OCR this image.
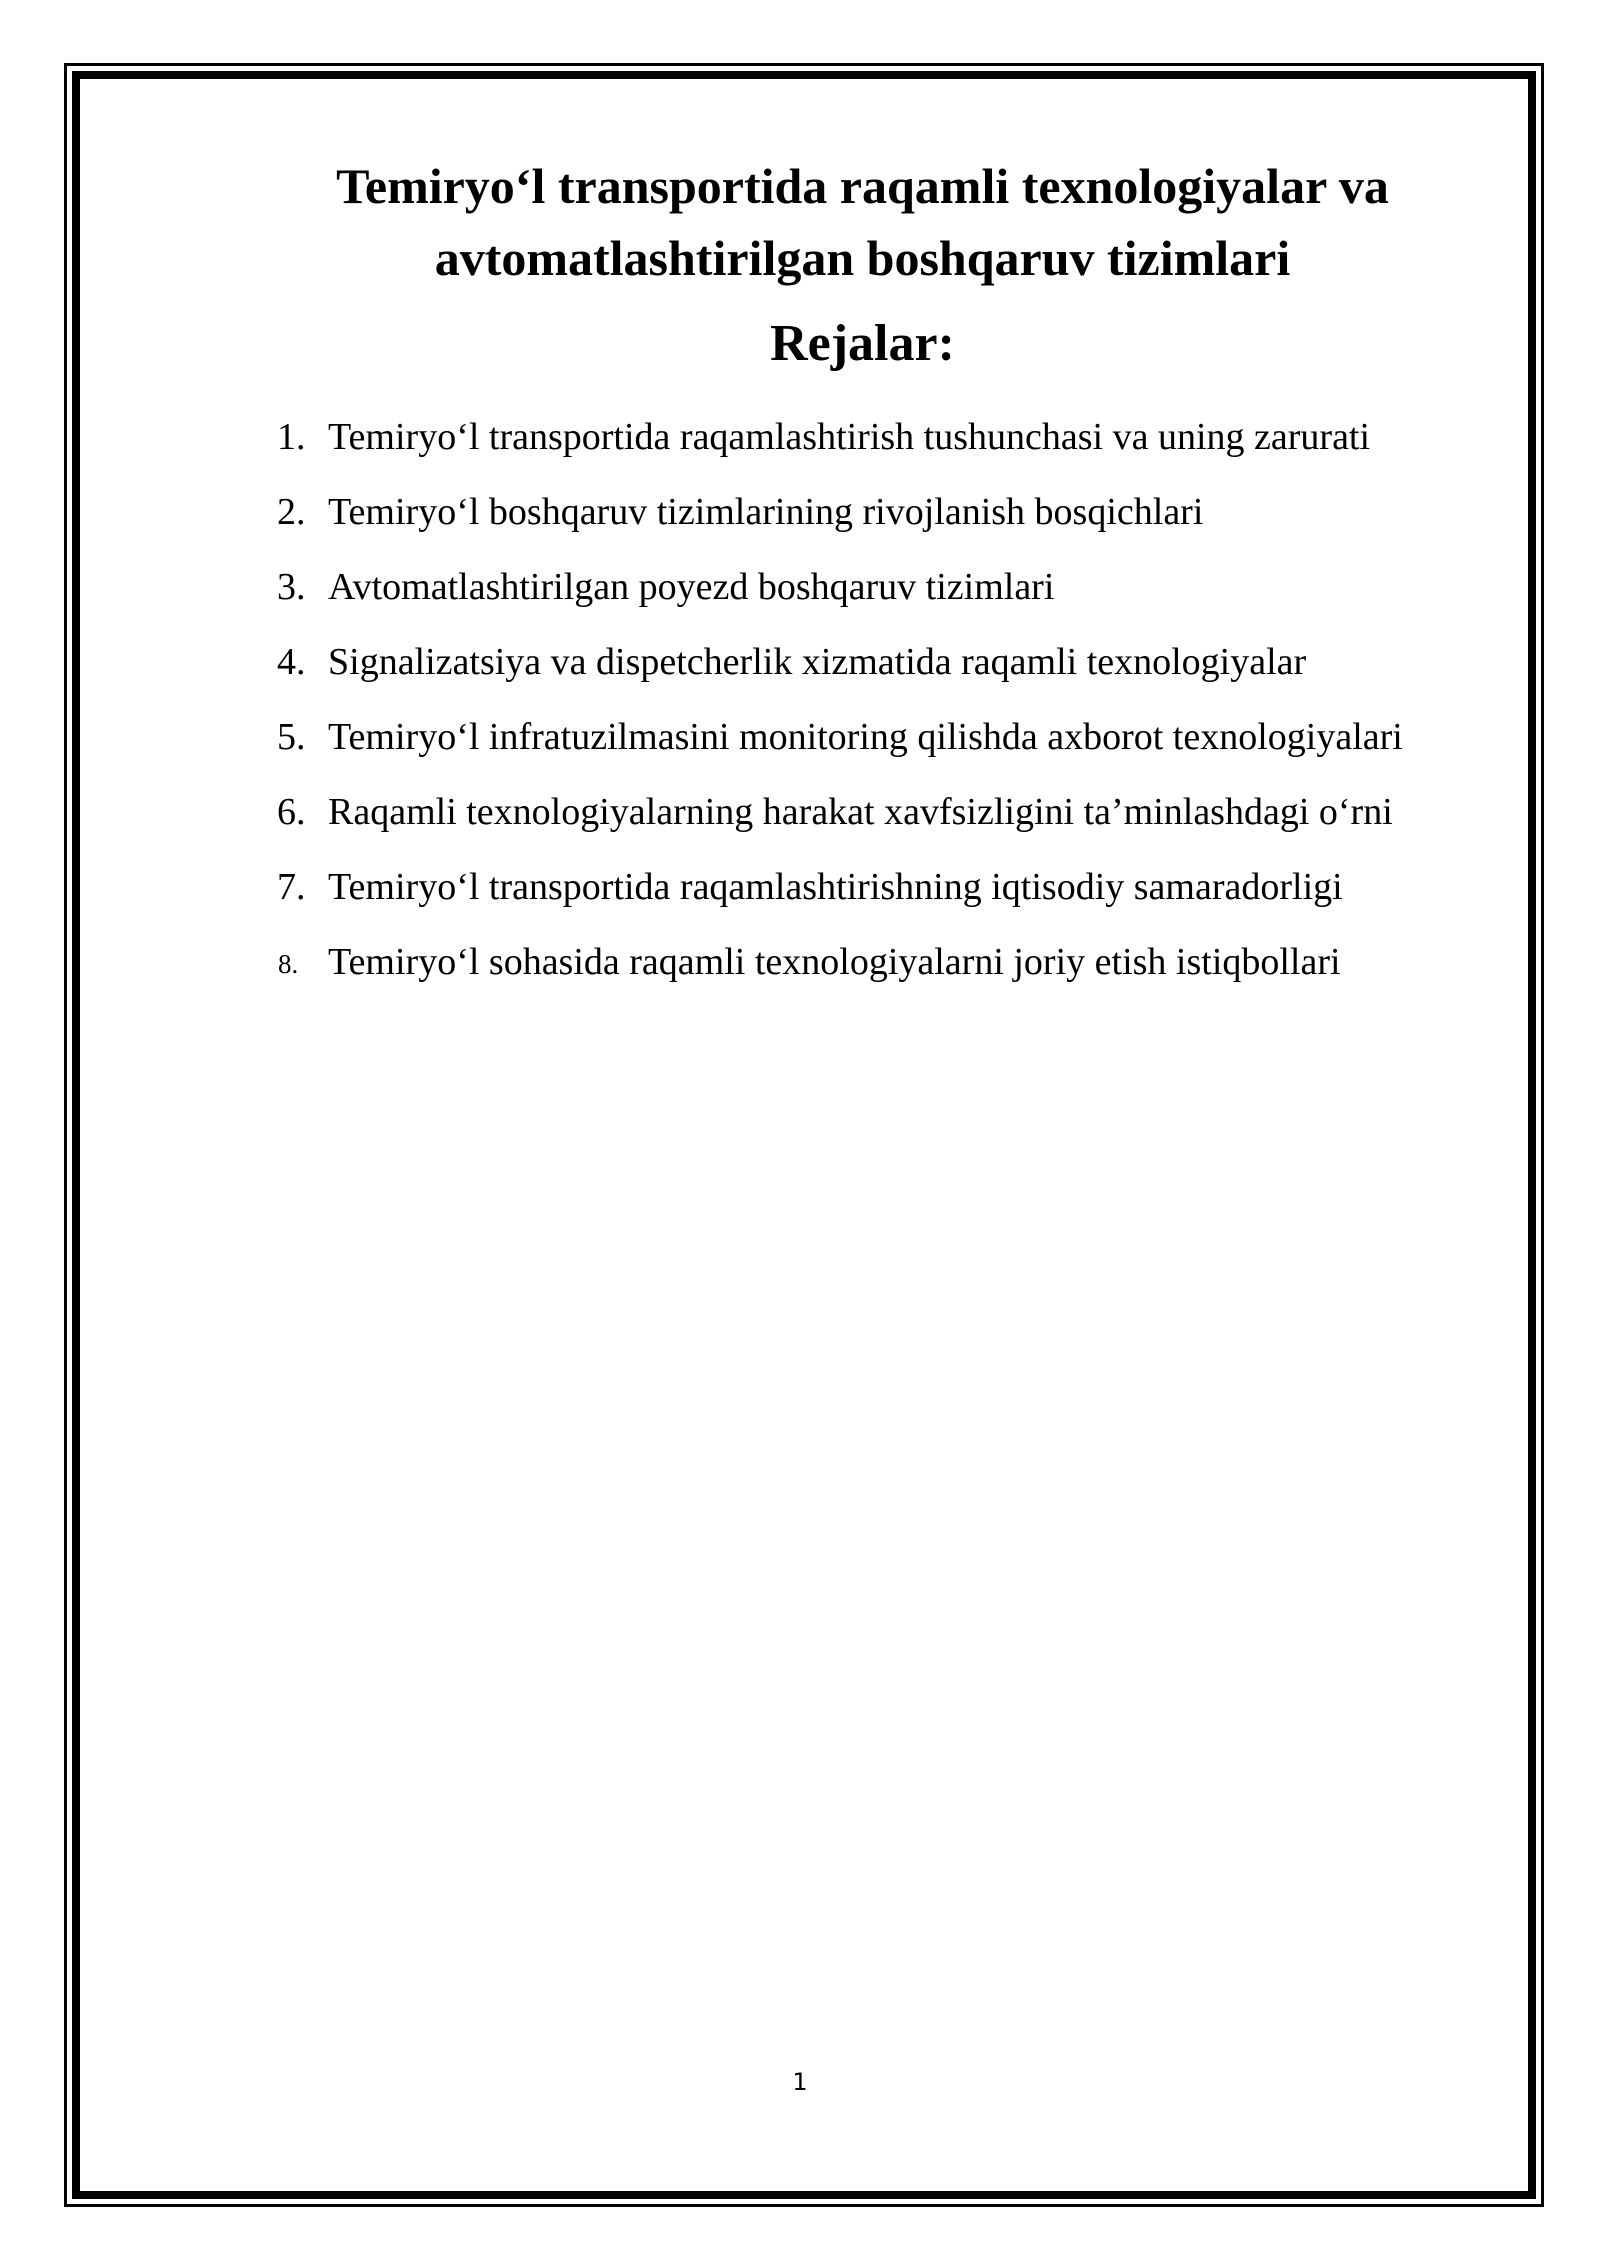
Temiryo‘l transportida raqamli texnologiyalar va avtomatlashtirilgan boshqaruv tizimlari
Rejalar:
1. Temiryo‘l transportida raqamlashtirish tushunchasi va uning zarurati
2. Temiryo‘l boshqaruv tizimlarining rivojlanish bosqichlari
3. Avtomatlashtirilgan poyezd boshqaruv tizimlari
4. Signalizatsiya va dispetcherlik xizmatida raqamli texnologiyalar
5. Temiryo‘l infratuzilmasini monitoring qilishda axborot texnologiyalari
6. Raqamli texnologiyalarning harakat xavfsizligini ta’minlashdagi o‘rni
7. Temiryo‘l transportida raqamlashtirishning iqtisodiy samaradorligi
8. Temiryo‘l sohasida raqamli texnologiyalarni joriy etish istiqbollari
1
